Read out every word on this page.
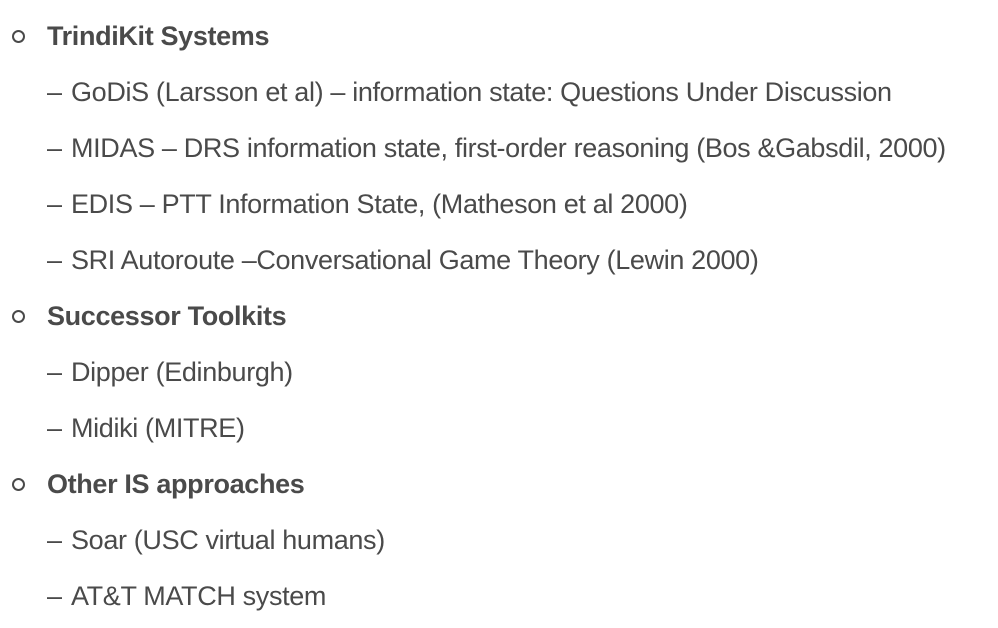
TrindiKit Systems
– GoDiS (Larsson et al) – information state: Questions Under Discussion
– MIDAS – DRS information state, first-order reasoning (Bos &Gabsdil, 2000)
– EDIS – PTT Information State, (Matheson et al 2000)
– SRI Autoroute –Conversational Game Theory (Lewin 2000)
Successor Toolkits
– Dipper (Edinburgh)
– Midiki (MITRE)
Other IS approaches
– Soar (USC virtual humans)
– AT&T MATCH system
